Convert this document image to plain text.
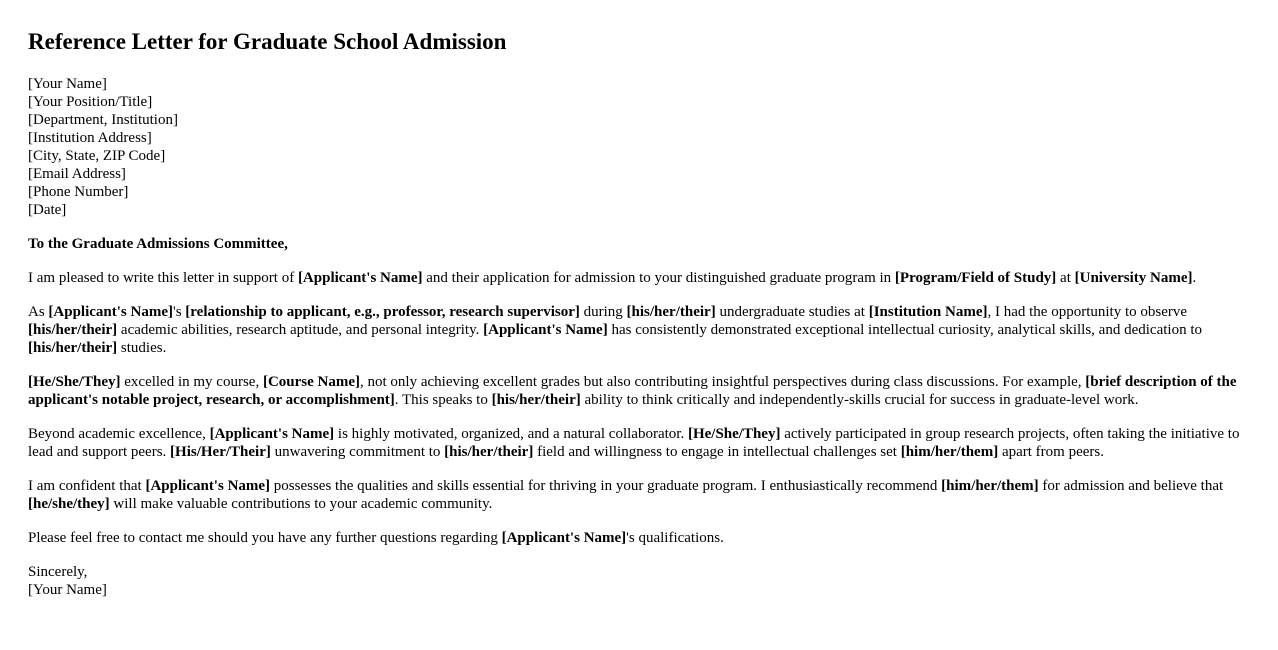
Reference Letter for Graduate School Admission
[Your Name]
[Your Position/Title]
[Department, Institution]
[Institution Address]
[City, State, ZIP Code]
[Email Address]
[Phone Number]
[Date]
To the Graduate Admissions Committee,

I am pleased to write this letter in support of [Applicant's Name] and their application for admission to your distinguished graduate program in [Program/Field of Study] at [University Name].

As [Applicant's Name]'s [relationship to applicant, e.g., professor, research supervisor] during [his/her/their] undergraduate studies at [Institution Name], I had the opportunity to observe [his/her/their] academic abilities, research aptitude, and personal integrity. [Applicant's Name] has consistently demonstrated exceptional intellectual curiosity, analytical skills, and dedication to [his/her/their] studies.

[He/She/They] excelled in my course, [Course Name], not only achieving excellent grades but also contributing insightful perspectives during class discussions. For example, [brief description of the applicant's notable project, research, or accomplishment]. This speaks to [his/her/their] ability to think critically and independently-skills crucial for success in graduate-level work.

Beyond academic excellence, [Applicant's Name] is highly motivated, organized, and a natural collaborator. [He/She/They] actively participated in group research projects, often taking the initiative to lead and support peers. [His/Her/Their] unwavering commitment to [his/her/their] field and willingness to engage in intellectual challenges set [him/her/them] apart from peers.

I am confident that [Applicant's Name] possesses the qualities and skills essential for thriving in your graduate program. I enthusiastically recommend [him/her/them] for admission and believe that [he/she/they] will make valuable contributions to your academic community.

Please feel free to contact me should you have any further questions regarding [Applicant's Name]'s qualifications.

Sincerely,
[Your Name]
